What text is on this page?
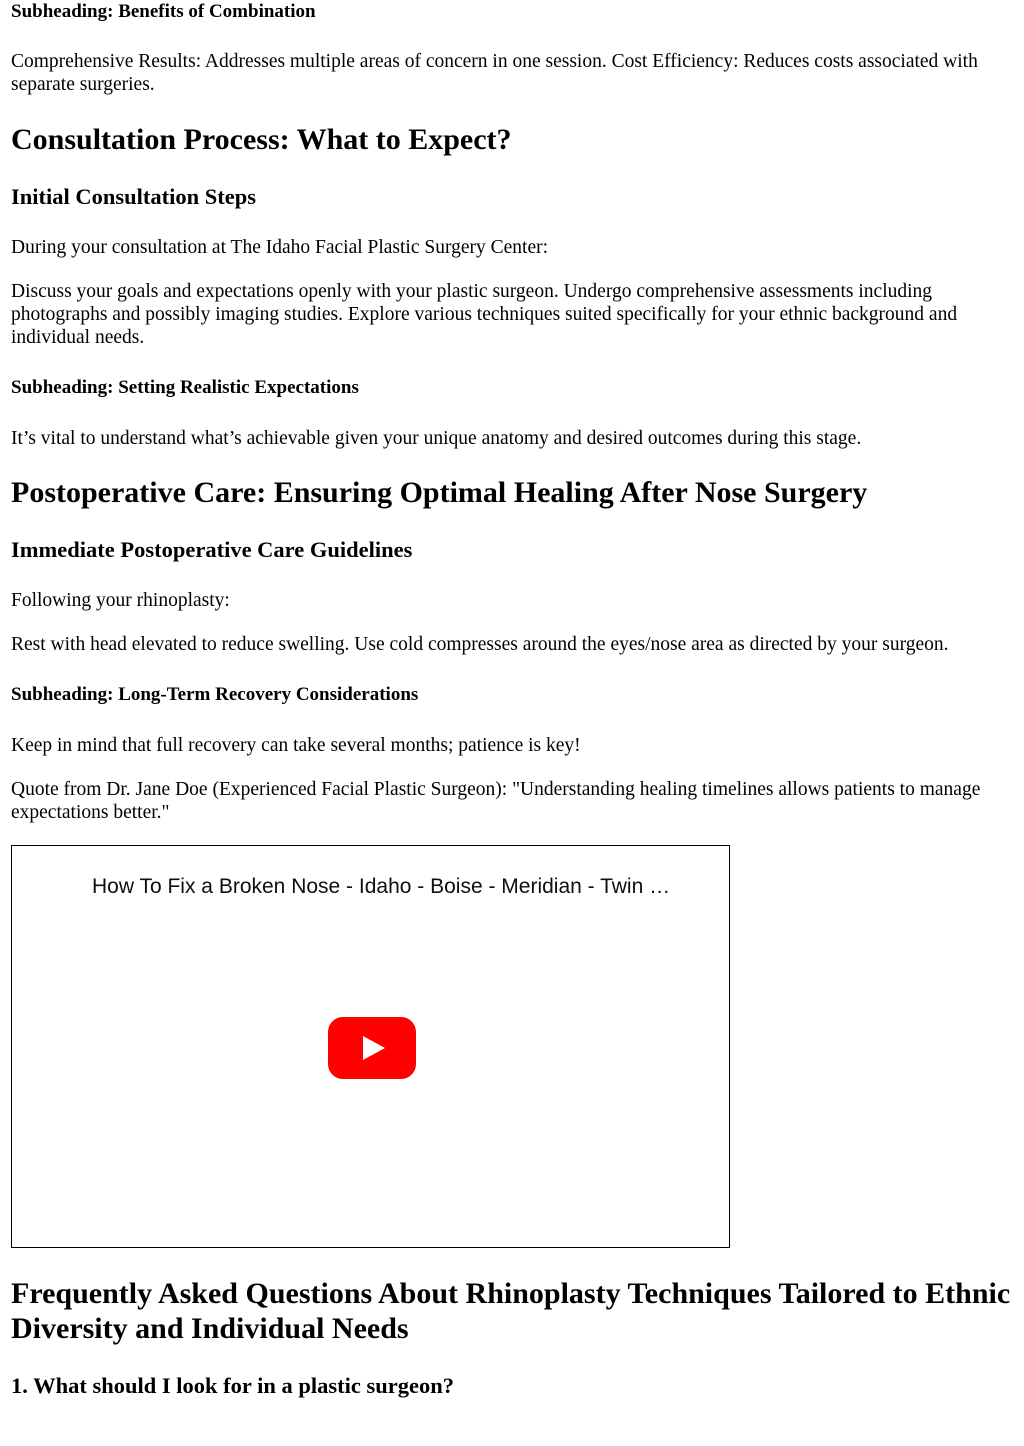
Subheading: Benefits of Combination
Comprehensive Results: Addresses multiple areas of concern in one session. Cost Efficiency: Reduces costs associated with separate surgeries.
Consultation Process: What to Expect?
Initial Consultation Steps
During your consultation at The Idaho Facial Plastic Surgery Center:
Discuss your goals and expectations openly with your plastic surgeon. Undergo comprehensive assessments including photographs and possibly imaging studies. Explore various techniques suited specifically for your ethnic background and individual needs.
Subheading: Setting Realistic Expectations
It’s vital to understand what’s achievable given your unique anatomy and desired outcomes during this stage.
Postoperative Care: Ensuring Optimal Healing After Nose Surgery
Immediate Postoperative Care Guidelines
Following your rhinoplasty:
Rest with head elevated to reduce swelling. Use cold compresses around the eyes/nose area as directed by your surgeon.
Subheading: Long-Term Recovery Considerations
Keep in mind that full recovery can take several months; patience is key!
Quote from Dr. Jane Doe (Experienced Facial Plastic Surgeon): "Understanding healing timelines allows patients to manage expectations better."
How To Fix a Broken Nose - Idaho - Boise - Meridian - Twin …
Frequently Asked Questions About Rhinoplasty Techniques Tailored to Ethnic Diversity and Individual Needs
1. What should I look for in a plastic surgeon?
